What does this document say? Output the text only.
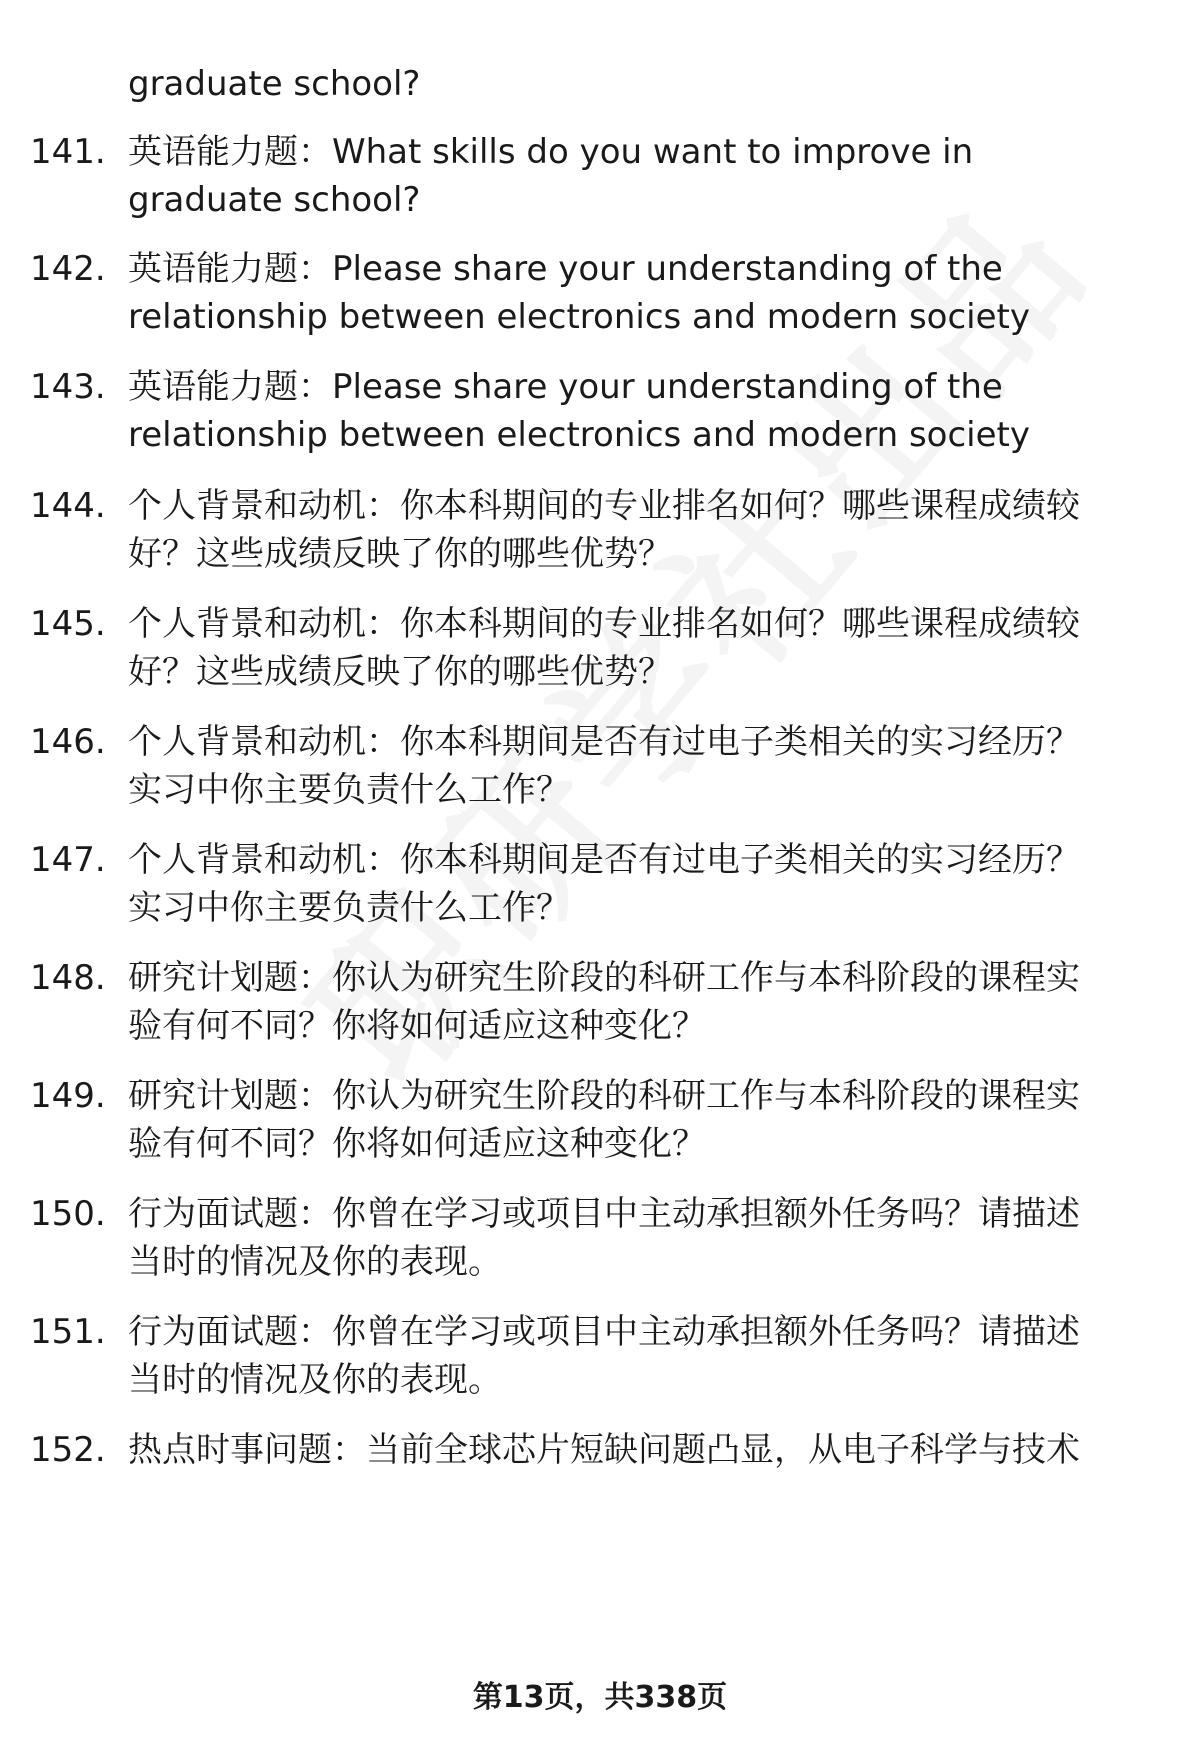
graduate school?
141. 英语能力题：What skills do you want to improve in
graduate school?
142. 英语能力题：Please share your understanding of the
relationship between electronics and modern society
143. 英语能力题：Please share your understanding of the
relationship between electronics and modern society
144. 个人背景和动机：你本科期间的专业排名如何？哪些课程成绩较
好？这些成绩反映了你的哪些优势？
145. 个人背景和动机：你本科期间的专业排名如何？哪些课程成绩较
好？这些成绩反映了你的哪些优势？
146. 个人背景和动机：你本科期间是否有过电子类相关的实习经历？
实习中你主要负责什么工作？
147. 个人背景和动机：你本科期间是否有过电子类相关的实习经历？
实习中你主要负责什么工作？
148. 研究计划题：你认为研究生阶段的科研工作与本科阶段的课程实
验有何不同？你将如何适应这种变化？
149. 研究计划题：你认为研究生阶段的科研工作与本科阶段的课程实
验有何不同？你将如何适应这种变化？
150. 行为面试题：你曾在学习或项目中主动承担额外任务吗？请描述
当时的情况及你的表现。
151. 行为面试题：你曾在学习或项目中主动承担额外任务吗？请描述
当时的情况及你的表现。
152. 热点时事问题：当前全球芯片短缺问题凸显，从电子科学与技术
第13页，共338页
